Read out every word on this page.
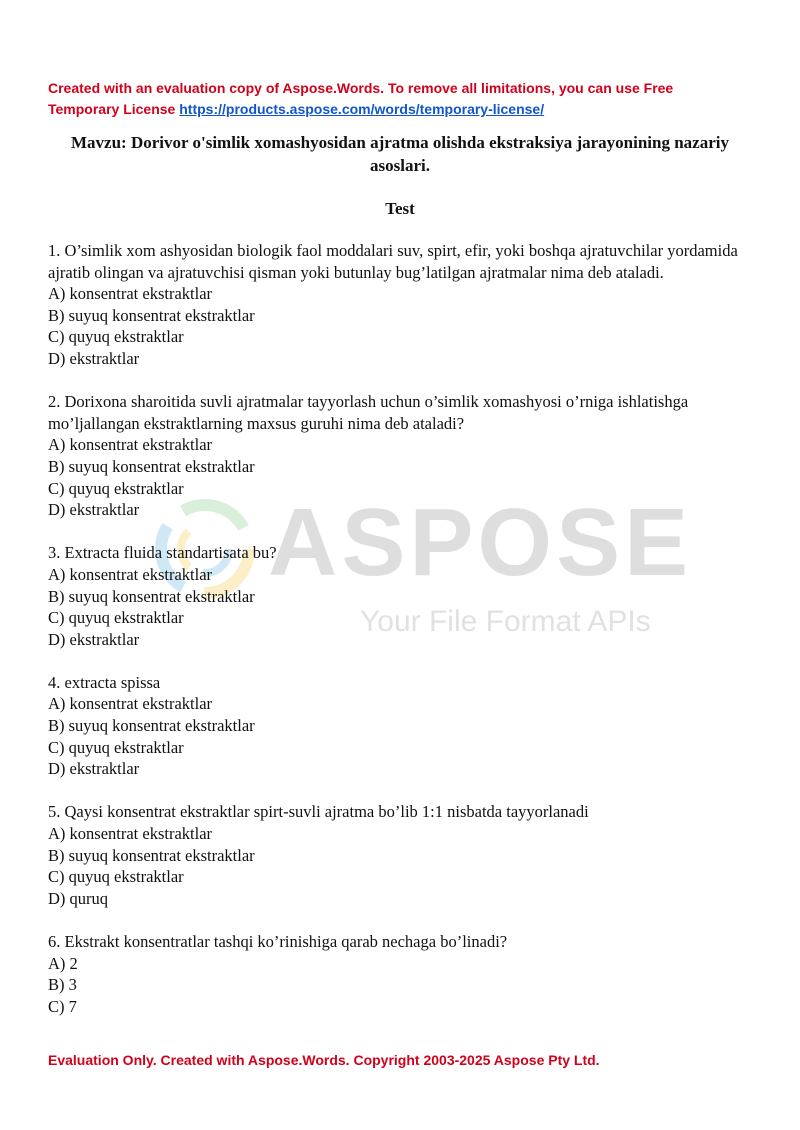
Created with an evaluation copy of Aspose.Words. To remove all limitations, you can use Free
Temporary License https://products.aspose.com/words/temporary-license/
Mavzu: Dorivor o'simlik xomashyosidan ajratma olishda ekstraksiya jarayonining nazariy asoslari.
Test
ASPOSE
Your File Format APIs
1. O’simlik xom ashyosidan biologik faol moddalari suv, spirt, efir, yoki boshqa ajratuvchilar yordamida ajratib olingan va ajratuvchisi qisman yoki butunlay bug’latilgan ajratmalar nima deb ataladi.
A) konsentrat ekstraktlar
B) suyuq konsentrat ekstraktlar
C) quyuq ekstraktlar
D) ekstraktlar
2. Dorixona sharoitida suvli ajratmalar tayyorlash uchun o’simlik xomashyosi o’rniga ishlatishga mo’ljallangan ekstraktlarning maxsus guruhi nima deb ataladi?
A) konsentrat ekstraktlar
B) suyuq konsentrat ekstraktlar
C) quyuq ekstraktlar
D) ekstraktlar
3. Extracta fluida standartisata bu?
A) konsentrat ekstraktlar
B) suyuq konsentrat ekstraktlar
C) quyuq ekstraktlar
D) ekstraktlar
4. extracta spissa
A) konsentrat ekstraktlar
B) suyuq konsentrat ekstraktlar
C) quyuq ekstraktlar
D) ekstraktlar
5. Qaysi konsentrat ekstraktlar spirt-suvli ajratma bo’lib 1:1 nisbatda tayyorlanadi
A) konsentrat ekstraktlar
B) suyuq konsentrat ekstraktlar
C) quyuq ekstraktlar
D) quruq
6. Ekstrakt konsentratlar tashqi ko’rinishiga qarab nechaga bo’linadi?
A) 2
B) 3
C) 7
Evaluation Only. Created with Aspose.Words. Copyright 2003-2025 Aspose Pty Ltd.
